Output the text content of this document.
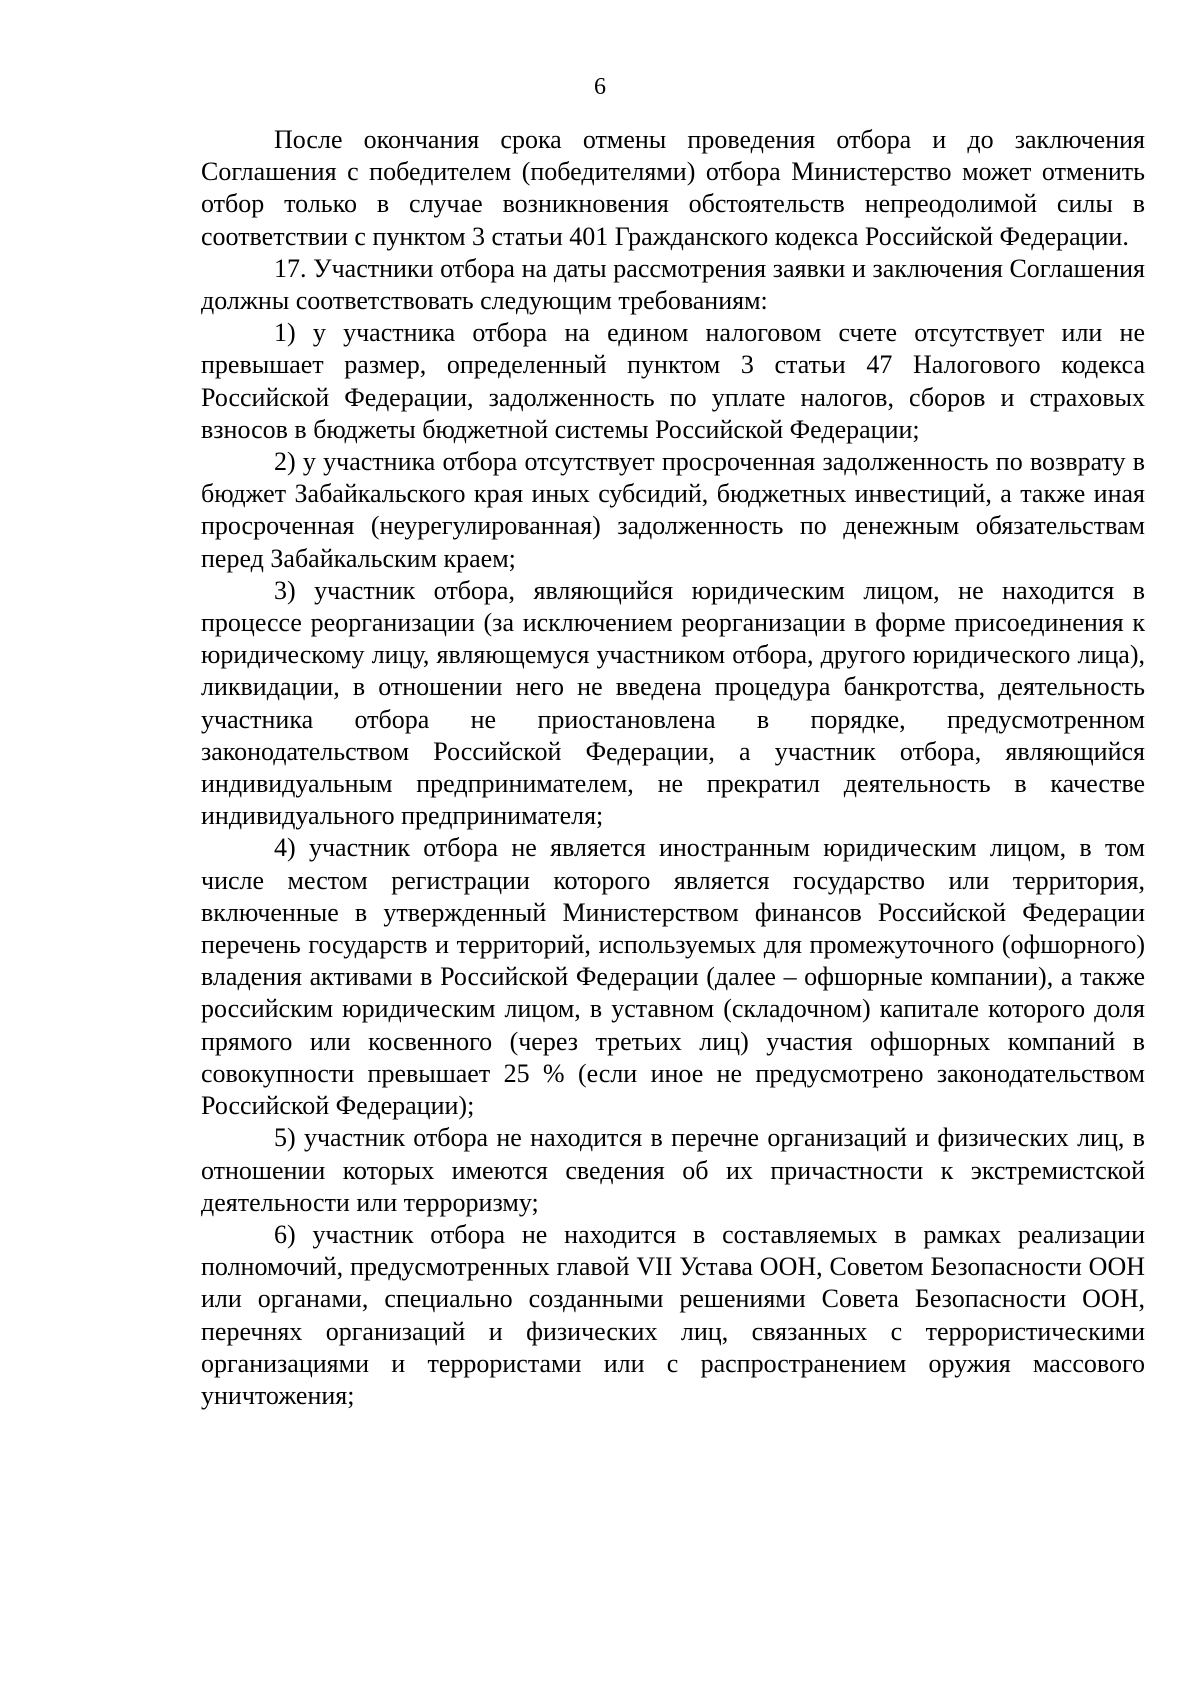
6

После окончания срока отмены проведения отбора и до заключения Соглашения с победителем (победителями) отбора Министерство может отменить отбор только в случае возникновения обстоятельств непреодолимой силы в соответствии с пунктом 3 статьи 401 Гражданского кодекса Российской Федерации.

17. Участники отбора на даты рассмотрения заявки и заключения Соглашения должны соответствовать следующим требованиям:

1) у участника отбора на едином налоговом счете отсутствует или не превышает размер, определенный пунктом 3 статьи 47 Налогового кодекса Российской Федерации, задолженность по уплате налогов, сборов и страховых взносов в бюджеты бюджетной системы Российской Федерации;

2) у участника отбора отсутствует просроченная задолженность по возврату в бюджет Забайкальского края иных субсидий, бюджетных инвестиций, а также иная просроченная (неурегулированная) задолженность по денежным обязательствам перед Забайкальским краем;

3) участник отбора, являющийся юридическим лицом, не находится в процессе реорганизации (за исключением реорганизации в форме присоединения к юридическому лицу, являющемуся участником отбора, другого юридического лица), ликвидации, в отношении него не введена процедура банкротства, деятельность участника отбора не приостановлена в порядке, предусмотренном законодательством Российской Федерации, а участник отбора, являющийся индивидуальным предпринимателем, не прекратил деятельность в качестве индивидуального предпринимателя;

4) участник отбора не является иностранным юридическим лицом, в том числе местом регистрации которого является государство или территория, включенные в утвержденный Министерством финансов Российской Федерации перечень государств и территорий, используемых для промежуточного (офшорного) владения активами в Российской Федерации (далее – офшорные компании), а также российским юридическим лицом, в уставном (складочном) капитале которого доля прямого или косвенного (через третьих лиц) участия офшорных компаний в совокупности превышает 25 % (если иное не предусмотрено законодательством Российской Федерации);

5) участник отбора не находится в перечне организаций и физических лиц, в отношении которых имеются сведения об их причастности к экстремистской деятельности или терроризму;

6) участник отбора не находится в составляемых в рамках реализации полномочий, предусмотренных главой VII Устава ООН, Советом Безопасности ООН или органами, специально созданными решениями Совета Безопасности ООН, перечнях организаций и физических лиц, связанных с террористическими организациями и террористами или с распространением оружия массового уничтожения;
